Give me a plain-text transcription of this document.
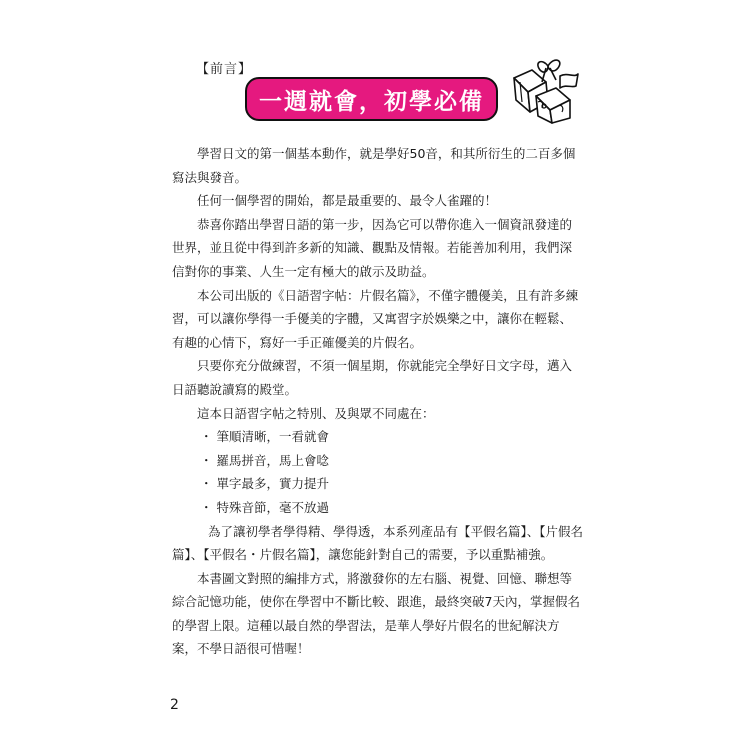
【前言】
一週就會，初學必備

學習日文的第一個基本動作，就是學好50音，和其所衍生的二百多個寫法與發音。

任何一個學習的開始，都是最重要的、最令人雀躍的！

恭喜你踏出學習日語的第一步，因為它可以帶你進入一個資訊發達的世界，並且從中得到許多新的知識、觀點及情報。若能善加利用，我們深信對你的事業、人生一定有極大的啟示及助益。

本公司出版的《日語習字帖：片假名篇》，不僅字體優美，且有許多練習，可以讓你學得一手優美的字體，又寓習字於娛樂之中，讓你在輕鬆、有趣的心情下，寫好一手正確優美的片假名。

只要你充分做練習，不須一個星期，你就能完全學好日文字母，邁入日語聽說讀寫的殿堂。

這本日語習字帖之特別、及與眾不同處在：

・ 筆順清晰，一看就會

・ 羅馬拼音，馬上會唸

・ 單字最多，實力提升

・ 特殊音節，毫不放過

為了讓初學者學得精、學得透，本系列產品有【平假名篇】、【片假名篇】、【平假名・片假名篇】，讓您能針對自己的需要，予以重點補強。

本書圖文對照的編排方式，將激發你的左右腦、視覺、回憶、聯想等綜合記憶功能，使你在學習中不斷比較、跟進，最終突破7天內，掌握假名的學習上限。這種以最自然的學習法，是華人學好片假名的世紀解決方案，不學日語很可惜喔！

2
